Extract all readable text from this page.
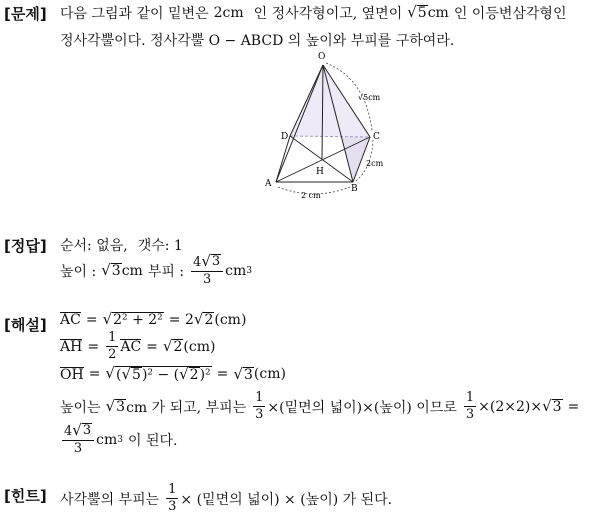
[문제] 다음 그림과 같이 밑변은 2cm 인 정사각형이고, 옆면이 √ 5 cm 인 이등변삼각형인
정사각뿔이다. 정사각뿔 O − ABCD 의 높이와 부피를 구하여라.
O
D	C
A	B
H
√5cm
2cm
2 cm
[정답] 순서: 없음, 갯수: 1
높이 : √ 3 cm 부피 : $\frac{4 √ 3}{3}$ cm 3
[해설] AC = √ 2² + 2² = 2 √ 2 (cm)
AH = $\frac{1}{2}$ AC = √ 2 (cm)
OH = √ ( √ 5 )² − ( √ 2 )² = √ 3 (cm)
높이는 √ 3 cm 가 되고, 부피는 $\frac{1}{3}$ ×(밑면의 넓이)×(높이) 이므로 $\frac{1}{3} \times(2\times 2)\times$ √ 3 =
$\frac{4 √ 3}{3}$ cm 3 이 된다.
[힌트] 사각뿔의 부피는 $\frac{1}{3}$ × (밑면의 넓이) × (높이) 가 된다.
